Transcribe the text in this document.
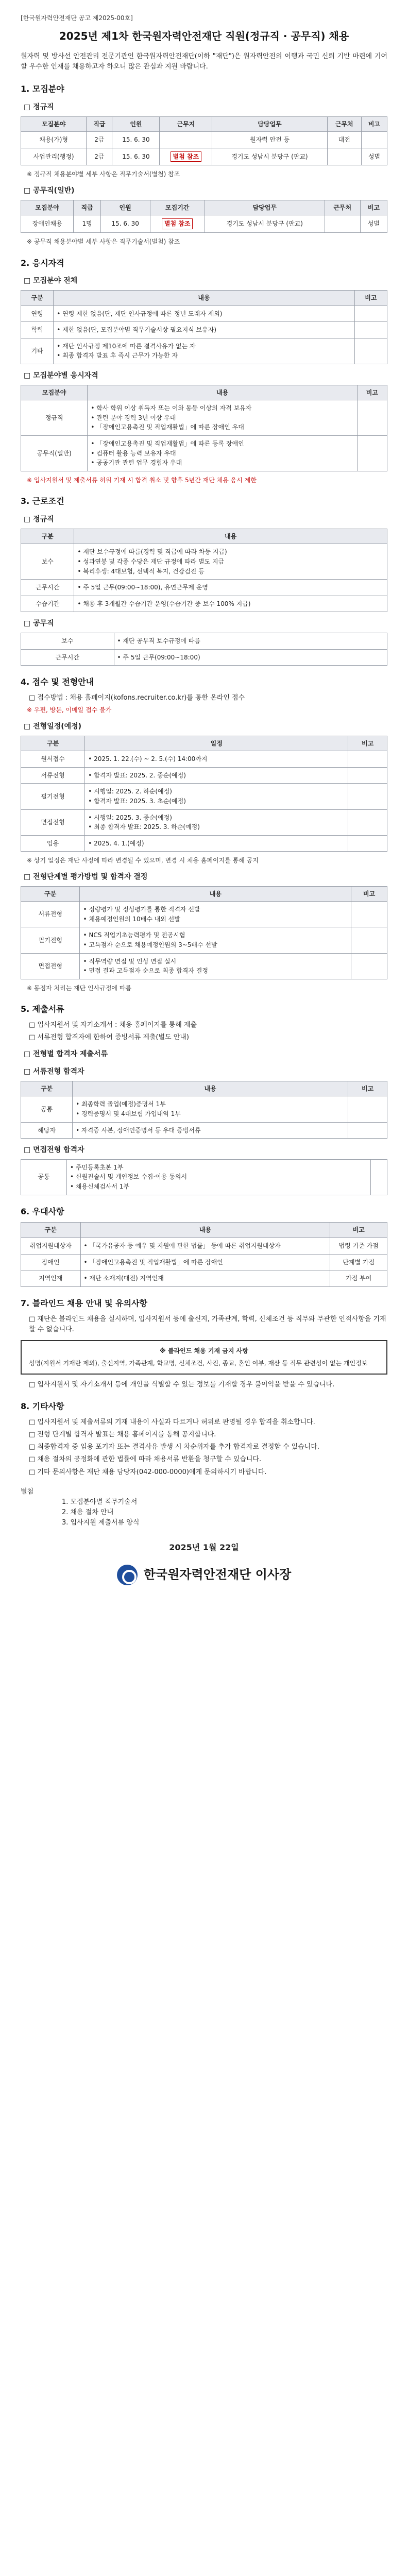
[한국원자력안전재단 공고 제2025-00호]
2025년 제1차 한국원자력안전재단 직원(정규직 · 공무직) 채용
원자력 및 방사선 안전관리 전문기관인 한국원자력안전재단(이하 "재단")은 원자력안전의 이행과 국민 신뢰 기반 마련에 기여할 우수한 인재를 채용하고자 하오니 많은 관심과 지원 바랍니다.
1. 모집분야
□ 정규직
모집분야	직급	인원	근무지	담당업무	근무처	비고
채용(가)형	2급	15. 6. 30		원자력 안전 등	대전	
사업관리(행정)	2급	15. 6. 30	별첨 참조	경기도 성남시 분당구 (판교)		성별
※ 정규직 채용분야별 세부 사항은 직무기술서(별첨) 참조
□ 공무직(일반)
모집분야	직급	인원	모집기간	담당업무	근무처	비고
장애인채용	1명	15. 6. 30	별첨 참조	경기도 성남시 분당구 (판교)		성별
※ 공무직 채용분야별 세부 사항은 직무기술서(별첨) 참조
2. 응시자격
□ 모집분야 전체
구분	내용	비고
연령	• 연령 제한 없음(단, 재단 인사규정에 따른 정년 도래자 제외)	
학력	• 제한 없음(단, 모집분야별 직무기술서상 필요지식 보유자)	
기타	• 재단 인사규정 제10조에 따른 결격사유가 없는 자
• 최종 합격자 발표 후 즉시 근무가 가능한 자	
□ 모집분야별 응시자격
모집분야	내용	비고
정규직	• 학사 학위 이상 취득자 또는 이와 동등 이상의 자격 보유자
• 관련 분야 경력 3년 이상 우대
• 「장애인고용촉진 및 직업재활법」에 따른 장애인 우대	
공무직(일반)	• 「장애인고용촉진 및 직업재활법」에 따른 등록 장애인
• 컴퓨터 활용 능력 보유자 우대
• 공공기관 관련 업무 경험자 우대	
※ 입사지원서 및 제출서류 허위 기재 시 합격 취소 및 향후 5년간 재단 채용 응시 제한
3. 근로조건
□ 정규직
구분	내용
보수	• 재단 보수규정에 따름(경력 및 직급에 따라 차등 지급)
• 성과연봉 및 각종 수당은 재단 규정에 따라 별도 지급
• 복리후생: 4대보험, 선택적 복지, 건강검진 등
근무시간	• 주 5일 근무(09:00~18:00), 유연근무제 운영
수습기간	• 채용 후 3개월간 수습기간 운영(수습기간 중 보수 100% 지급)
□ 공무직
보수	• 재단 공무직 보수규정에 따름
근무시간	• 주 5일 근무(09:00~18:00)
4. 접수 및 전형안내
□ 접수방법 : 채용 홈페이지(kofons.recruiter.co.kr)를 통한 온라인 접수
※ 우편, 방문, 이메일 접수 불가
□ 전형일정(예정)
구분	일정	비고
원서접수	• 2025. 1. 22.(수) ~ 2. 5.(수) 14:00까지	
서류전형	• 합격자 발표: 2025. 2. 중순(예정)	
필기전형	• 시행일: 2025. 2. 하순(예정)
• 합격자 발표: 2025. 3. 초순(예정)	
면접전형	• 시행일: 2025. 3. 중순(예정)
• 최종 합격자 발표: 2025. 3. 하순(예정)	
임용	• 2025. 4. 1.(예정)	
※ 상기 일정은 재단 사정에 따라 변경될 수 있으며, 변경 시 채용 홈페이지를 통해 공지
□ 전형단계별 평가방법 및 합격자 결정
구분	내용	비고
서류전형	• 정량평가 및 정성평가를 통한 적격자 선발
• 채용예정인원의 10배수 내외 선발	
필기전형	• NCS 직업기초능력평가 및 전공시험
• 고득점자 순으로 채용예정인원의 3~5배수 선발	
면접전형	• 직무역량 면접 및 인성 면접 실시
• 면접 결과 고득점자 순으로 최종 합격자 결정	
※ 동점자 처리는 재단 인사규정에 따름
5. 제출서류
□ 입사지원서 및 자기소개서 : 채용 홈페이지를 통해 제출
□ 서류전형 합격자에 한하여 증빙서류 제출(별도 안내)
□ 전형별 합격자 제출서류
□ 서류전형 합격자
구분	내용	비고
공통	• 최종학력 졸업(예정)증명서 1부
• 경력증명서 및 4대보험 가입내역 1부	
해당자	• 자격증 사본, 장애인증명서 등 우대 증빙서류	
□ 면접전형 합격자
공통	• 주민등록초본 1부
• 신원진술서 및 개인정보 수집·이용 동의서
• 채용신체검사서 1부	
6. 우대사항
구분	내용	비고
취업지원대상자	• 「국가유공자 등 예우 및 지원에 관한 법률」 등에 따른 취업지원대상자	법령 기준 가점
장애인	• 「장애인고용촉진 및 직업재활법」에 따른 장애인	단계별 가점
지역인재	• 재단 소재지(대전) 지역인재	가점 부여
7. 블라인드 채용 안내 및 유의사항
□ 재단은 블라인드 채용을 실시하며, 입사지원서 등에 출신지, 가족관계, 학력, 신체조건 등 직무와 무관한 인적사항을 기재할 수 없습니다.
※ 블라인드 채용 기재 금지 사항
성명(지원서 기재란 제외), 출신지역, 가족관계, 학교명, 신체조건, 사진, 종교, 혼인 여부, 재산 등 직무 관련성이 없는 개인정보
□ 입사지원서 및 자기소개서 등에 개인을 식별할 수 있는 정보를 기재할 경우 불이익을 받을 수 있습니다.
8. 기타사항
□ 입사지원서 및 제출서류의 기재 내용이 사실과 다르거나 허위로 판명될 경우 합격을 취소합니다.
□ 전형 단계별 합격자 발표는 채용 홈페이지를 통해 공지합니다.
□ 최종합격자 중 임용 포기자 또는 결격사유 발생 시 차순위자를 추가 합격자로 결정할 수 있습니다.
□ 채용 절차의 공정화에 관한 법률에 따라 채용서류 반환을 청구할 수 있습니다.
□ 기타 문의사항은 재단 채용 담당자(042-000-0000)에게 문의하시기 바랍니다.
별첨
1. 모집분야별 직무기술서
2. 채용 절차 안내
3. 입사지원 제출서류 양식
2025년 1월 22일
한국원자력안전재단 이사장
